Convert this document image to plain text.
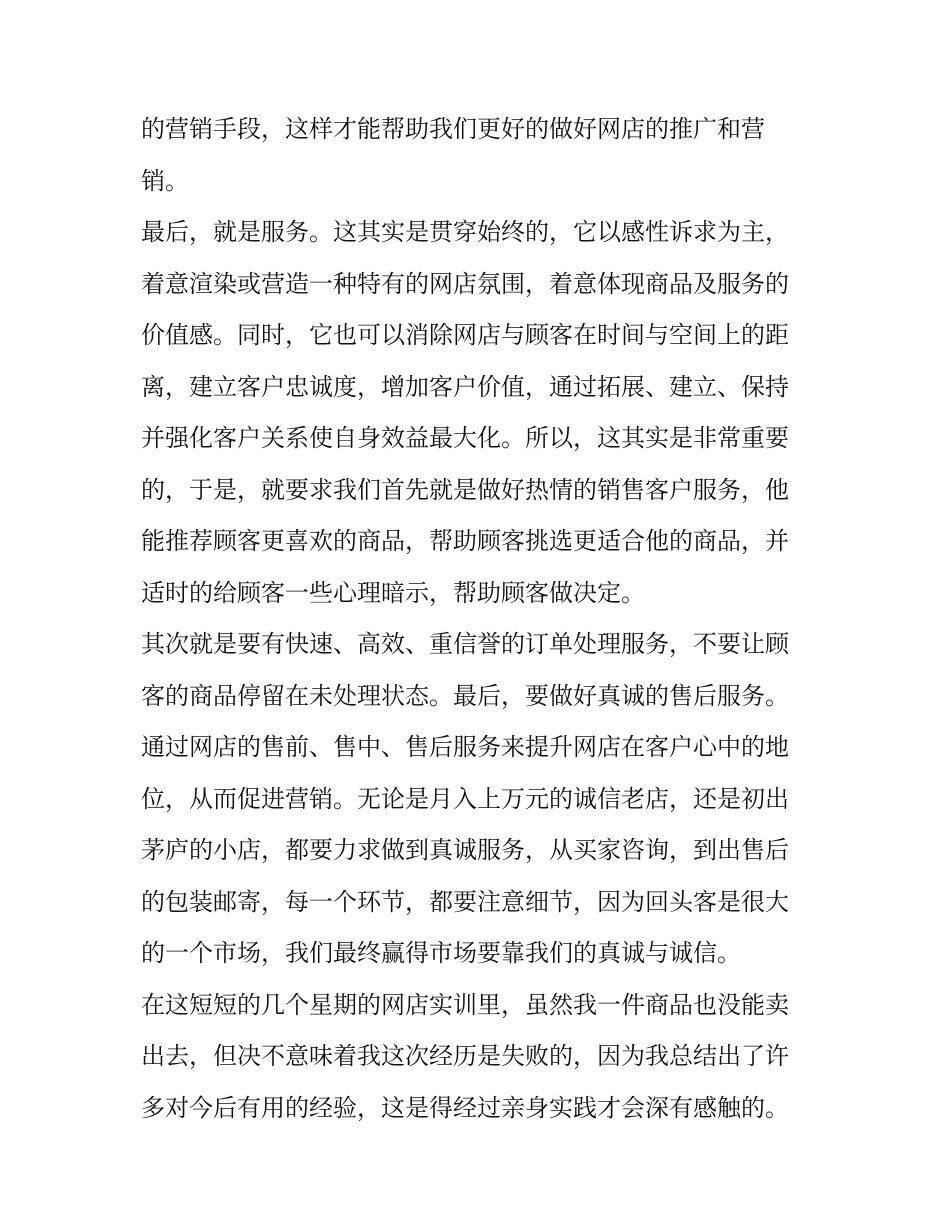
的营销手段，这样才能帮助我们更好的做好网店的推广和营
销。
最后，就是服务。这其实是贯穿始终的，它以感性诉求为主，
着意渲染或营造一种特有的网店氛围，着意体现商品及服务的
价值感。同时，它也可以消除网店与顾客在时间与空间上的距
离，建立客户忠诚度，增加客户价值，通过拓展、建立、保持
并强化客户关系使自身效益最大化。所以，这其实是非常重要
的，于是，就要求我们首先就是做好热情的销售客户服务，他
能推荐顾客更喜欢的商品，帮助顾客挑选更适合他的商品，并
适时的给顾客一些心理暗示，帮助顾客做决定。
其次就是要有快速、高效、重信誉的订单处理服务，不要让顾
客的商品停留在未处理状态。最后，要做好真诚的售后服务。
通过网店的售前、售中、售后服务来提升网店在客户心中的地
位，从而促进营销。无论是月入上万元的诚信老店，还是初出
茅庐的小店，都要力求做到真诚服务，从买家咨询，到出售后
的包装邮寄，每一个环节，都要注意细节，因为回头客是很大
的一个市场，我们最终赢得市场要靠我们的真诚与诚信。
在这短短的几个星期的网店实训里，虽然我一件商品也没能卖
出去，但决不意味着我这次经历是失败的，因为我总结出了许
多对今后有用的经验，这是得经过亲身实践才会深有感触的。
